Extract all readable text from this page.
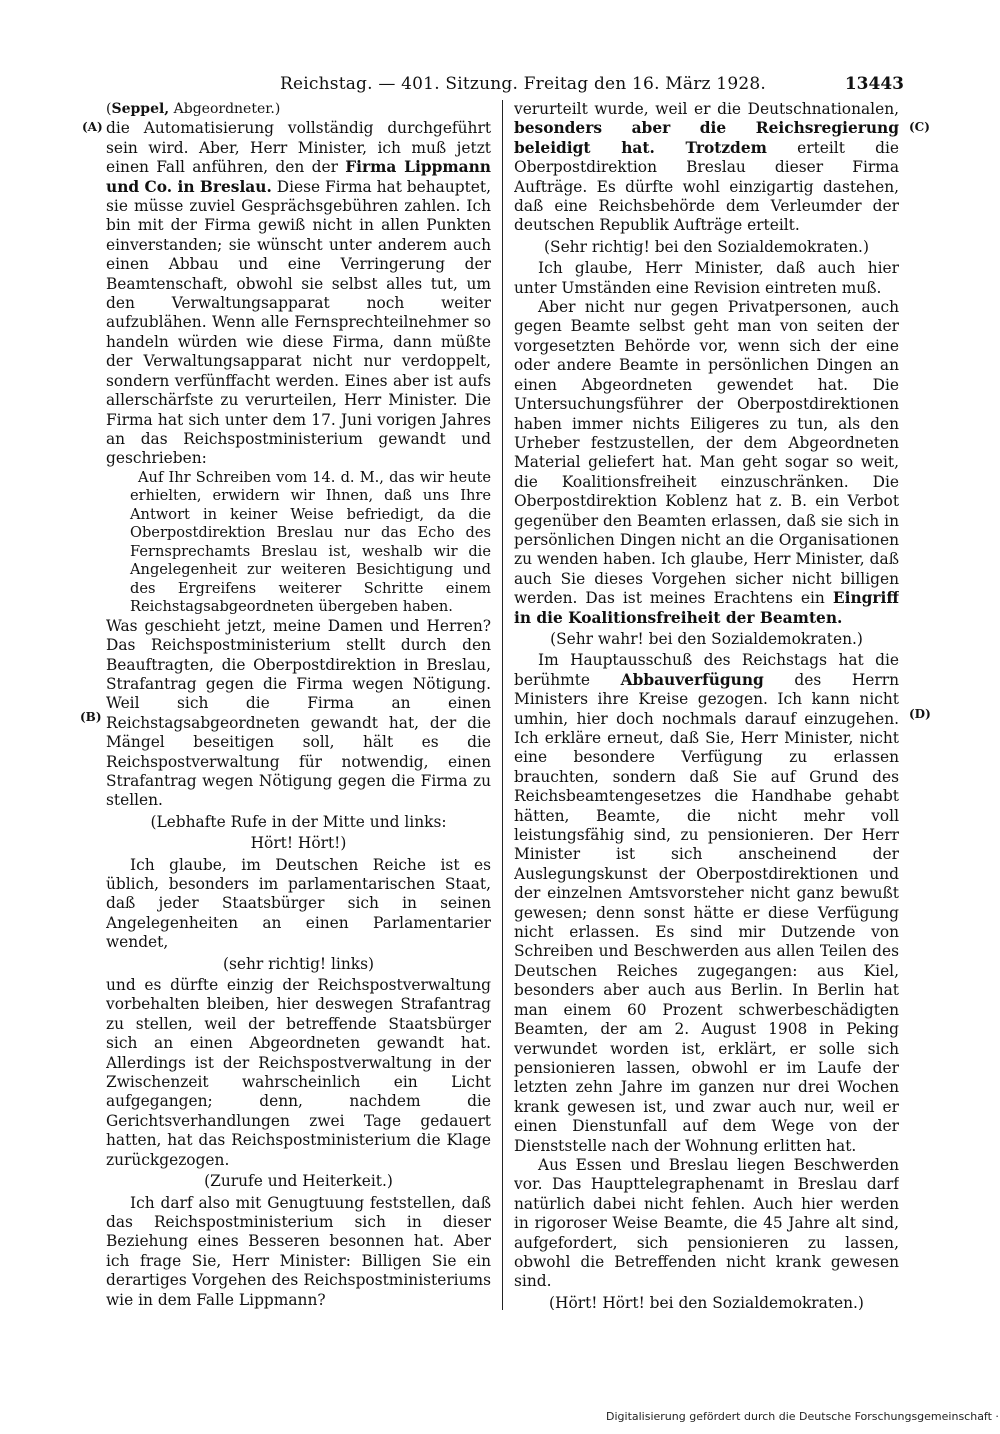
Reichstag. — 401. Sitzung. Freitag den 16. März 1928.	13443
(A)
(B)
(C)
(D)

(Seppel, Abgeordneter.)

die Automatisierung vollständig durchgeführt sein wird. Aber, Herr Minister, ich muß jetzt einen Fall anführen, den der Firma Lippmann und Co. in Breslau. Diese Firma hat behauptet, sie müsse zuviel Gesprächsgebühren zahlen. Ich bin mit der Firma gewiß nicht in allen Punkten einverstanden; sie wünscht unter anderem auch einen Abbau und eine Verringerung der Beamtenschaft, obwohl sie selbst alles tut, um den Verwaltungsapparat noch weiter aufzublähen. Wenn alle Fernsprechteilnehmer so handeln würden wie diese Firma, dann müßte der Verwaltungsapparat nicht nur verdoppelt, sondern verfünffacht werden. Eines aber ist aufs allerschärfste zu verurteilen, Herr Minister. Die Firma hat sich unter dem 17. Juni vorigen Jahres an das Reichspostministerium gewandt und geschrieben:

Auf Ihr Schreiben vom 14. d. M., das wir heute erhielten, erwidern wir Ihnen, daß uns Ihre Antwort in keiner Weise befriedigt, da die Oberpostdirektion Breslau nur das Echo des Fernsprechamts Breslau ist, weshalb wir die Angelegenheit zur weiteren Besichtigung und des Ergreifens weiterer Schritte einem Reichstagsabgeordneten übergeben haben.

Was geschieht jetzt, meine Damen und Herren? Das Reichspostministerium stellt durch den Beauftragten, die Oberpostdirektion in Breslau, Strafantrag gegen die Firma wegen Nötigung. Weil sich die Firma an einen Reichstagsabgeordneten gewandt hat, der die Mängel beseitigen soll, hält es die Reichspostverwaltung für notwendig, einen Strafantrag wegen Nötigung gegen die Firma zu stellen.

(Lebhafte Rufe in der Mitte und links:

Hört! Hört!)

Ich glaube, im Deutschen Reiche ist es üblich, besonders im parlamentarischen Staat, daß jeder Staatsbürger sich in seinen Angelegenheiten an einen Parlamentarier wendet,

(sehr richtig! links)

und es dürfte einzig der Reichspostverwaltung vorbehalten bleiben, hier deswegen Strafantrag zu stellen, weil der betreffende Staatsbürger sich an einen Abgeordneten gewandt hat. Allerdings ist der Reichspostverwaltung in der Zwischenzeit wahrscheinlich ein Licht aufgegangen; denn, nachdem die Gerichtsverhandlungen zwei Tage gedauert hatten, hat das Reichspostministerium die Klage zurückgezogen.

(Zurufe und Heiterkeit.)

Ich darf also mit Genugtuung feststellen, daß das Reichspostministerium sich in dieser Beziehung eines Besseren besonnen hat. Aber ich frage Sie, Herr Minister: Billigen Sie ein derartiges Vorgehen des Reichspostministeriums wie in dem Falle Lippmann?

verurteilt wurde, weil er die Deutschnationalen, besonders aber die Reichsregierung beleidigt hat. Trotzdem erteilt die Oberpostdirektion Breslau dieser Firma Aufträge. Es dürfte wohl einzigartig dastehen, daß eine Reichsbehörde dem Verleumder der deutschen Republik Aufträge erteilt.

(Sehr richtig! bei den Sozialdemokraten.)

Ich glaube, Herr Minister, daß auch hier unter Umständen eine Revision eintreten muß.

Aber nicht nur gegen Privatpersonen, auch gegen Beamte selbst geht man von seiten der vorgesetzten Behörde vor, wenn sich der eine oder andere Beamte in persönlichen Dingen an einen Abgeordneten gewendet hat. Die Untersuchungsführer der Oberpostdirektionen haben immer nichts Eiligeres zu tun, als den Urheber festzustellen, der dem Abgeordneten Material geliefert hat. Man geht sogar so weit, die Koalitionsfreiheit einzuschränken. Die Oberpostdirektion Koblenz hat z. B. ein Verbot gegenüber den Beamten erlassen, daß sie sich in persönlichen Dingen nicht an die Organisationen zu wenden haben. Ich glaube, Herr Minister, daß auch Sie dieses Vorgehen sicher nicht billigen werden. Das ist meines Erachtens ein Eingriff in die Koalitionsfreiheit der Beamten.

(Sehr wahr! bei den Sozialdemokraten.)

Im Hauptausschuß des Reichstags hat die berühmte Abbauverfügung des Herrn Ministers ihre Kreise gezogen. Ich kann nicht umhin, hier doch nochmals darauf einzugehen. Ich erkläre erneut, daß Sie, Herr Minister, nicht eine besondere Verfügung zu erlassen brauchten, sondern daß Sie auf Grund des Reichsbeamtengesetzes die Handhabe gehabt hätten, Beamte, die nicht mehr voll leistungsfähig sind, zu pensionieren. Der Herr Minister ist sich anscheinend der Auslegungskunst der Oberpostdirektionen und der einzelnen Amtsvorsteher nicht ganz bewußt gewesen; denn sonst hätte er diese Verfügung nicht erlassen. Es sind mir Dutzende von Schreiben und Beschwerden aus allen Teilen des Deutschen Reiches zugegangen: aus Kiel, besonders aber auch aus Berlin. In Berlin hat man einem 60 Prozent schwerbeschädigten Beamten, der am 2. August 1908 in Peking verwundet worden ist, erklärt, er solle sich pensionieren lassen, obwohl er im Laufe der letzten zehn Jahre im ganzen nur drei Wochen krank gewesen ist, und zwar auch nur, weil er einen Dienstunfall auf dem Wege von der Dienststelle nach der Wohnung erlitten hat.

Aus Essen und Breslau liegen Beschwerden vor. Das Haupttelegraphenamt in Breslau darf natürlich dabei nicht fehlen. Auch hier werden in rigoroser Weise Beamte, die 45 Jahre alt sind, aufgefordert, sich pensionieren zu lassen, obwohl die Betreffenden nicht krank gewesen sind.

(Hört! Hört! bei den Sozialdemokraten.)

Digitalisierung gefördert durch die Deutsche Forschungsgemeinschaft ·
